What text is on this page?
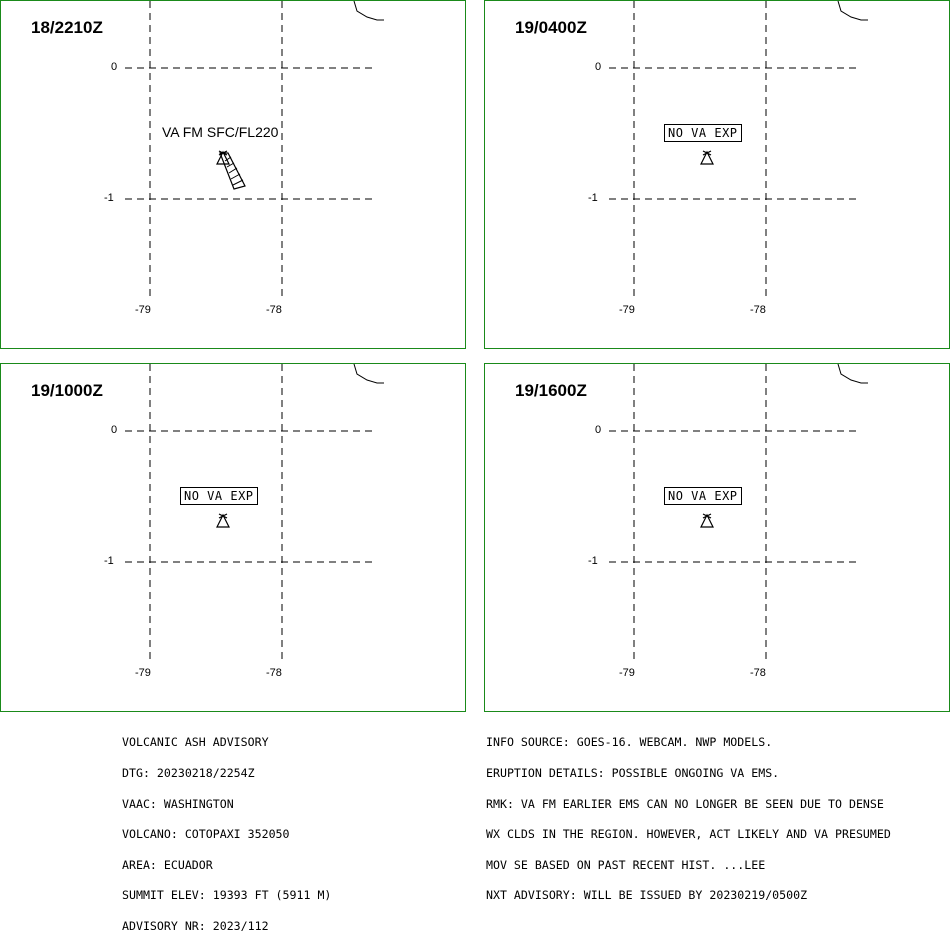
18/2210Z
0
-1
-79	-78
VA FM SFC/FL220
19/0400Z
0
-1
-79	-78
NO VA EXP
19/1000Z
0
-1
-79	-78
NO VA EXP
19/1600Z
0
-1
-79	-78
NO VA EXP

VOLCANIC ASH ADVISORY

DTG: 20230218/2254Z

VAAC: WASHINGTON

VOLCANO: COTOPAXI 352050

AREA: ECUADOR

SUMMIT ELEV: 19393 FT (5911 M)

ADVISORY NR: 2023/112

INFO SOURCE: GOES-16. WEBCAM. NWP MODELS.

ERUPTION DETAILS: POSSIBLE ONGOING VA EMS.

RMK: VA FM EARLIER EMS CAN NO LONGER BE SEEN DUE TO DENSE

WX CLDS IN THE REGION. HOWEVER, ACT LIKELY AND VA PRESUMED

MOV SE BASED ON PAST RECENT HIST. ...LEE

NXT ADVISORY: WILL BE ISSUED BY 20230219/0500Z
